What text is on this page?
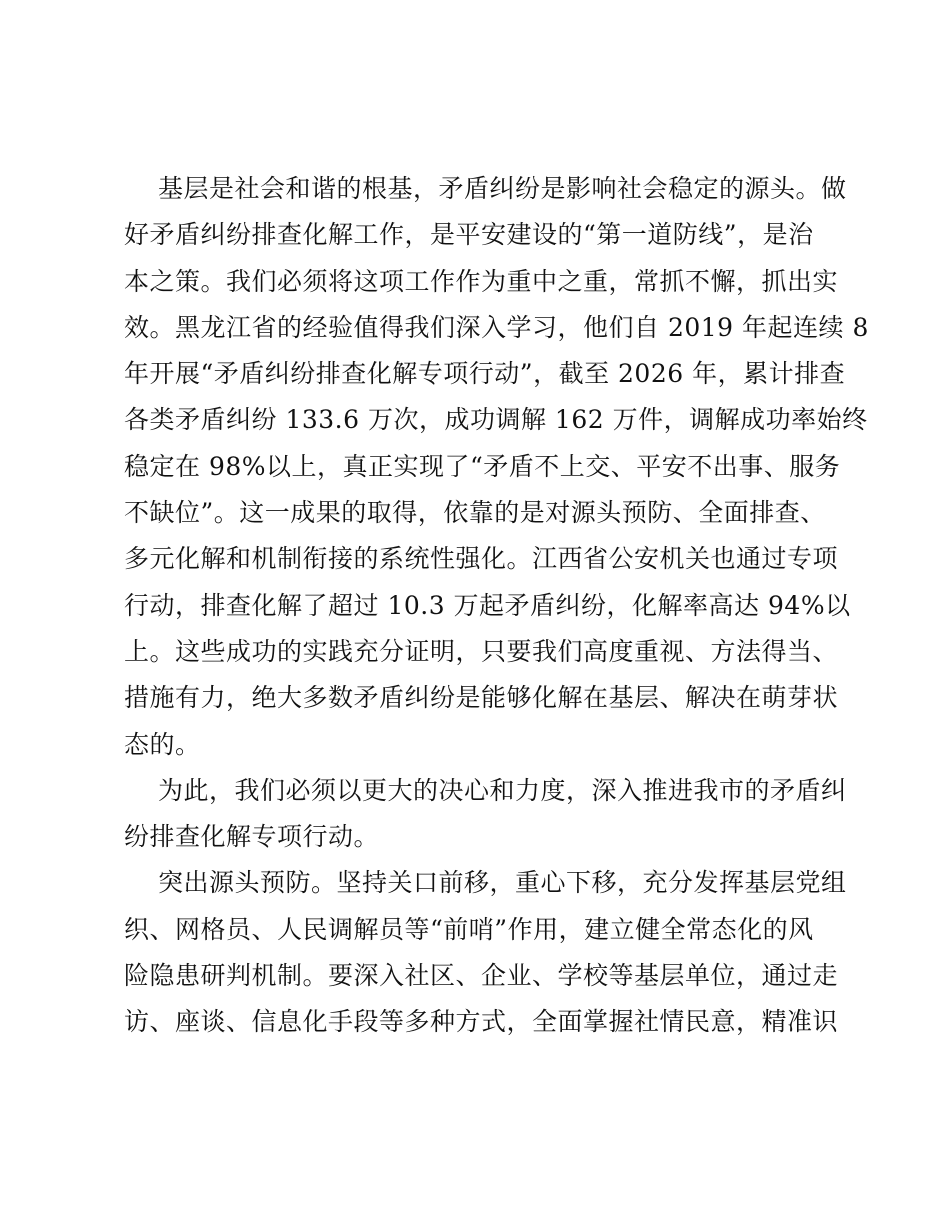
基层是社会和谐的根基，矛盾纠纷是影响社会稳定的源头。做
好矛盾纠纷排查化解工作，是平安建设的“第一道防线”，是治
本之策。我们必须将这项工作作为重中之重，常抓不懈，抓出实
效。黑龙江省的经验值得我们深入学习，他们自 2019 年起连续 8
年开展“矛盾纠纷排查化解专项行动”，截至 2026 年，累计排查
各类矛盾纠纷 133.6 万次，成功调解 162 万件，调解成功率始终
稳定在 98%以上，真正实现了“矛盾不上交、平安不出事、服务
不缺位”。这一成果的取得，依靠的是对源头预防、全面排查、
多元化解和机制衔接的系统性强化。江西省公安机关也通过专项
行动，排查化解了超过 10.3 万起矛盾纠纷，化解率高达 94%以
上。这些成功的实践充分证明，只要我们高度重视、方法得当、
措施有力，绝大多数矛盾纠纷是能够化解在基层、解决在萌芽状
态的。
为此，我们必须以更大的决心和力度，深入推进我市的矛盾纠
纷排查化解专项行动。
突出源头预防。坚持关口前移，重心下移，充分发挥基层党组
织、网格员、人民调解员等“前哨”作用，建立健全常态化的风
险隐患研判机制。要深入社区、企业、学校等基层单位，通过走
访、座谈、信息化手段等多种方式，全面掌握社情民意，精准识
